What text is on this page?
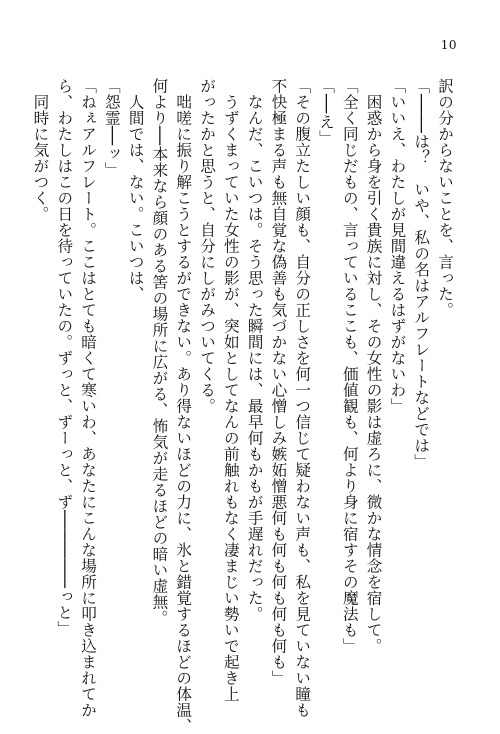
10
訳の分からないことを、言った。
「────は？　いや、私の名はアルフレートなどでは」
「いいえ、わたしが見間違えるはずがないわ」
　困惑から身を引く貴族に対し、その女性の影は虚ろに、微かな情念を宿して。
「全く同じだもの、言っているここも、価値観も、何より身に宿すその魔法も」
「──え」
「その腹立たしい顔も、自分の正しさを何一つ信じて疑わない声も、私を見ていない瞳も
不快極まる声も無自覚な偽善も気づかない心憎しみ嫉妬憎悪何も何も何も何も何も」
　なんだ、こいつは。そう思った瞬間には、最早何もかもが手遅れだった。
　うずくまっていた女性の影が、突如としてなんの前触れもなく凄まじい勢いで起き上
がったかと思うと、自分にしがみついてくる。
　咄嗟に振り解こうとするができない。あり得ないほどの力に、氷と錯覚するほどの体温、
何より──本来なら顔のある筈の場所に広がる、怖気が走るほどの暗い虚無。
　人間では、ない。こいつは、
「怨霊──ッ」
「ねぇアルフレート。ここはとても暗くて寒いわ、あなたにこんな場所に叩き込まれてか
ら、わたしはこの日を待っていたの。ずっと、ずーっと、ず────────っと」
　同時に気がつく。
